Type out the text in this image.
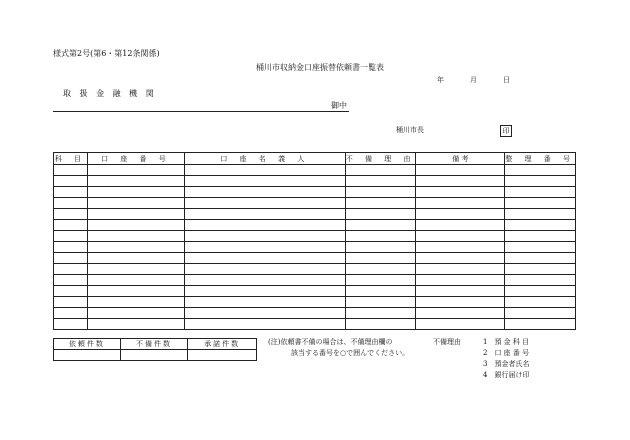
様式第2号(第6・第12条関係)
桶川市収納金口座振替依頼書一覧表
年	月	日
取 扱 金 融 機 関
御中
桶川市長	印
科 目	口 座 番 号	口 座 名 義 人	不 備 理 由	備 考	整 理 番 号

依頼件数	不備件数	承諾件数
			(注)依頼書不備の場合は、不備理由欄の
該当する番号を○で囲んでください。
不備理由	1　預 金 科 目
2　口 座 番 号
3　預金者氏名
4　銀行届け印
